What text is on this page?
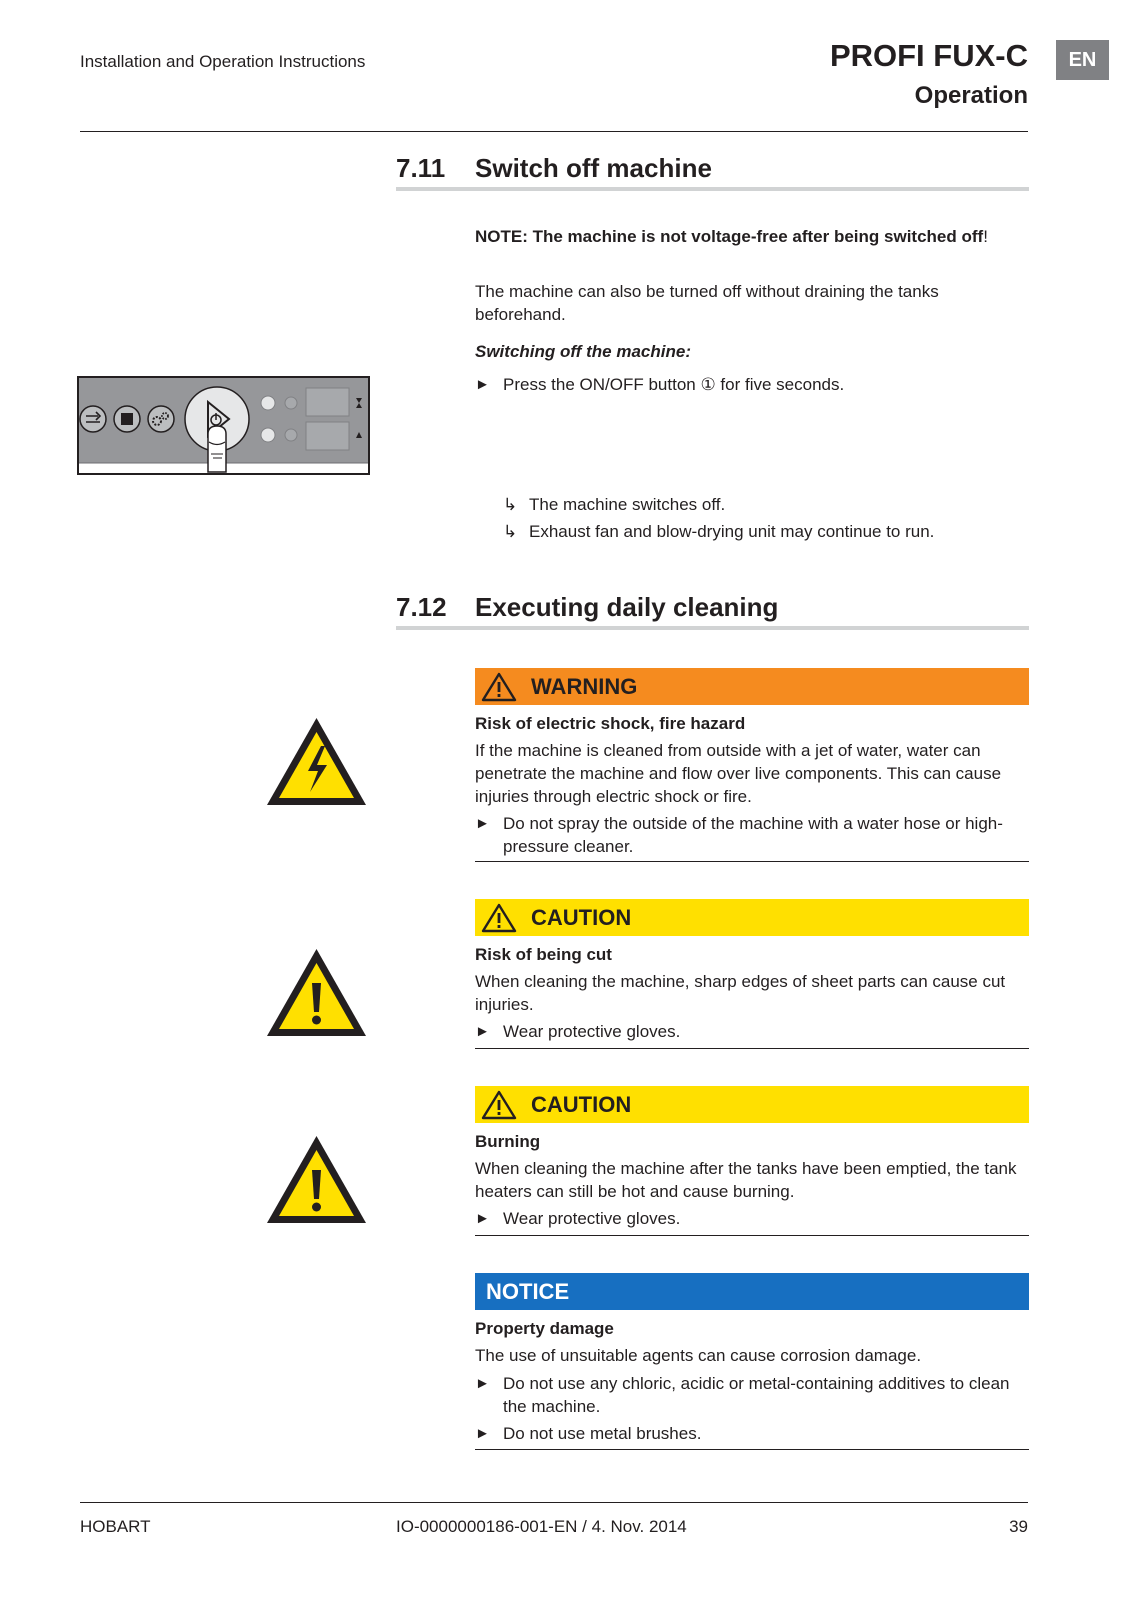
Installation and Operation Instructions	PROFI FUX-C
Operation
EN
7.11 Switch off machine
NOTE: The machine is not voltage-free after being switched off!
The machine can also be turned off without draining the tanks beforehand.
Switching off the machine:
► Press the ON/OFF button ① for five seconds.
↳ The machine switches off.
↳ Exhaust fan and blow-drying unit may continue to run.
7.12 Executing daily cleaning
WARNING
Risk of electric shock, fire hazard
If the machine is cleaned from outside with a jet of water, water can penetrate the machine and flow over live components. This can cause injuries through electric shock or fire.
► Do not spray the outside of the machine with a water hose or high-pressure cleaner.
CAUTION
Risk of being cut
When cleaning the machine, sharp edges of sheet parts can cause cut injuries.
► Wear protective gloves.
CAUTION
Burning
When cleaning the machine after the tanks have been emptied, the tank heaters can still be hot and cause burning.
► Wear protective gloves.
NOTICE
Property damage
The use of unsuitable agents can cause corrosion damage.
► Do not use any chloric, acidic or metal-containing additives to clean the machine.
► Do not use metal brushes.
HOBART	IO-0000000186-001-EN / 4. Nov. 2014	39
